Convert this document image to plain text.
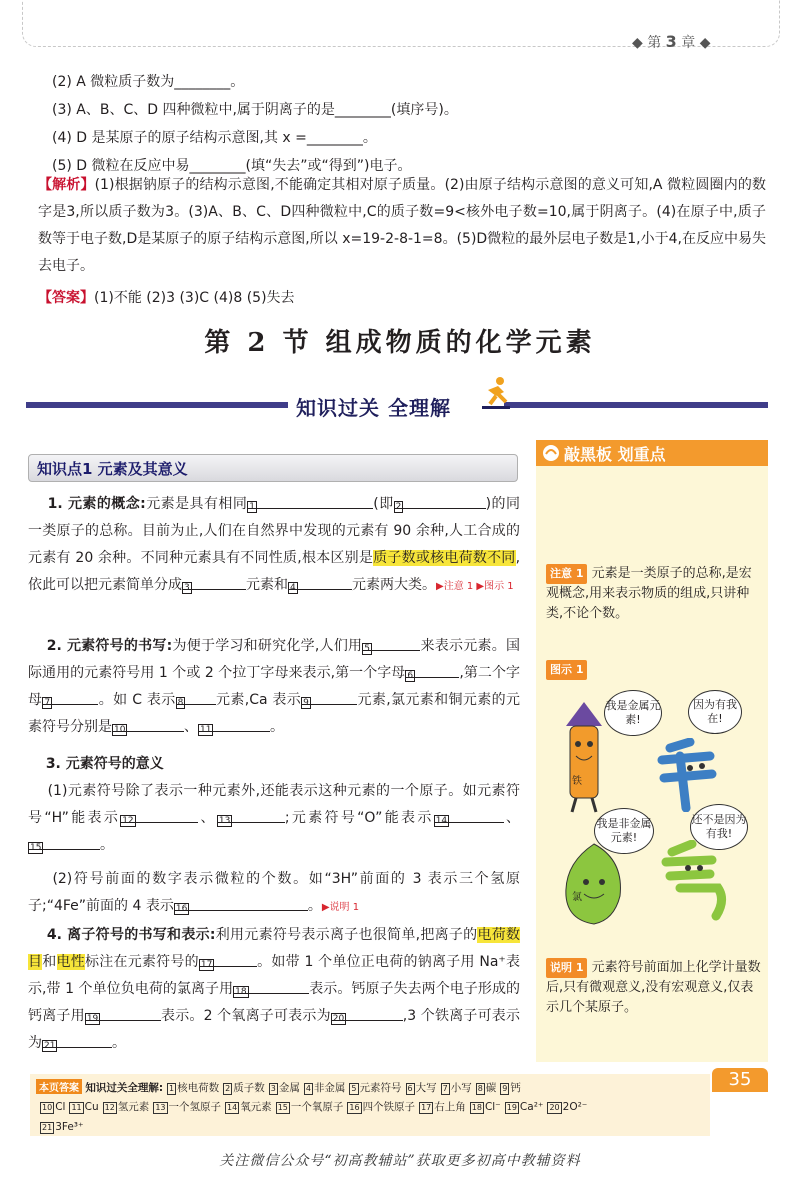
◆ 第 3 章 ◆
(2) A 微粒质子数为________。
(3) A、B、C、D 四种微粒中,属于阴离子的是________(填序号)。
(4) D 是某原子的原子结构示意图,其 x =________。
(5) D 微粒在反应中易________(填“失去”或“得到”)电子。
【解析】(1)根据钠原子的结构示意图,不能确定其相对原子质量。(2)由原子结构示意图的意义可知,A 微粒圆圈内的数字是3,所以质子数为3。(3)A、B、C、D四种微粒中,C的质子数=9<核外电子数=10,属于阴离子。(4)在原子中,质子数等于电子数,D是某原子的原子结构示意图,所以 x=19-2-8-1=8。(5)D微粒的最外层电子数是1,小于4,在反应中易失去电子。
【答案】(1)不能 (2)3 (3)C (4)8 (5)失去
第 2 节 组成物质的化学元素
知识过关 全理解
知识点1 元素及其意义
1. 元素的概念:元素是具有相同 1	(即 2	)的同一类原子的总称。目前为止,人们在自然界中发现的元素有 90 余种,人工合成的元素有 20 余种。不同种元素具有不同性质,根本区别是质子数或核电荷数不同,依此可以把元素简单分成 3	元素和 4	元素两大类。▶注意 1 ▶图示 1
2. 元素符号的书写:为便于学习和研究化学,人们用 5	来表示元素。国际通用的元素符号用 1 个或 2 个拉丁字母来表示,第一个字母 6	,第二个字母 7	。如 C 表示 8 元素,Ca 表示 9	元素,氯元素和铜元素的元素符号分别是 10	、 11	。
3. 元素符号的意义
(1)元素符号除了表示一种元素外,还能表示这种元素的一个原子。如元素符号“H”能表示 12	、 13	;元素符号“O”能表示 14	、15	。
(2)符号前面的数字表示微粒的个数。如“3H”前面的 3 表示三个氢原子;“4Fe”前面的 4 表示 16	。▶说明 1
4. 离子符号的书写和表示:利用元素符号表示离子也很简单,把离子的电荷数目和电性标注在元素符号的 17	。如带 1 个单位正电荷的钠离子用 Na⁺表示,带 1 个单位负电荷的氯离子用 18	表示。钙原子失去两个电子形成的钙离子用 19	表示。2 个氧离子可表示为 20	,3 个铁离子可表示为 21	。
敲黑板 划重点
注意 1 元素是一类原子的总称,是宏观概念,用来表示物质的组成,只讲种类,不论个数。
图示 1
我是金属元素!
因为有我在!
铁
我是非金属元素!
还不是因为有我!
氯
说明 1 元素符号前面加上化学计量数后,只有微观意义,没有宏观意义,仅表示几个某原子。
本页答案 知识过关全理解: 1 核电荷数 2 质子数 3 金属 4 非金属 5 元素符号 6 大写 7 小写 8 碳 9 钙
10 Cl 11 Cu 12 氢元素 13 一个氢原子 14 氧元素 15 一个氧原子 16 四个铁原子 17 右上角 18 Cl⁻ 19 Ca²⁺ 20 2O²⁻
21 3Fe³⁺
35
关注微信公众号“初高教辅站”获取更多初高中教辅资料
